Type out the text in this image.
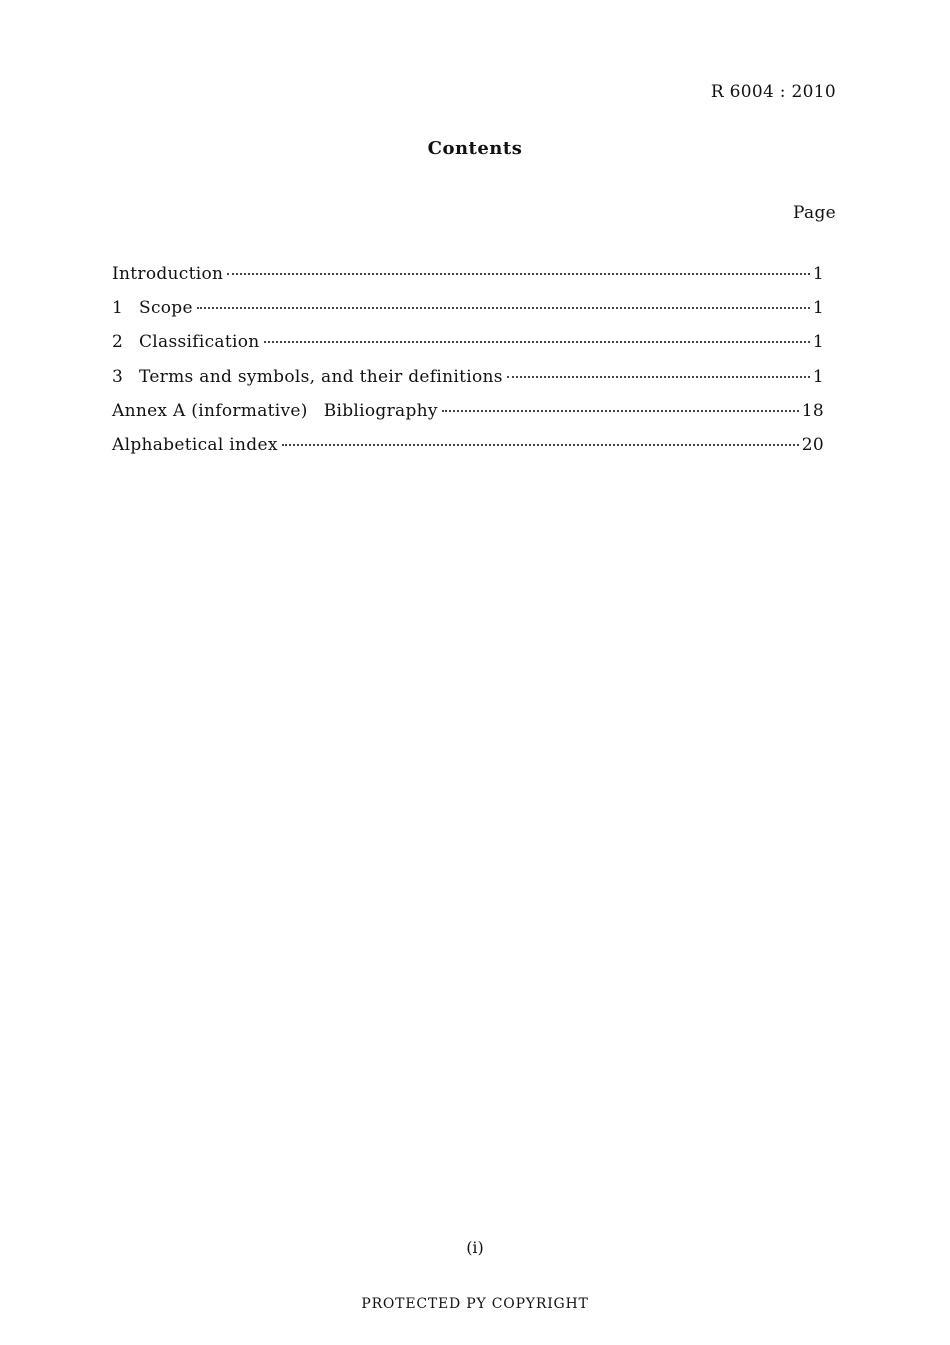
R 6004 : 2010
Contents
Page
Introduction	1
1 Scope	1
2 Classification	1
3 Terms and symbols, and their definitions	1
Annex A (informative) Bibliography	18
Alphabetical index	20
(i)
PROTECTED РY COPYRIGHT
